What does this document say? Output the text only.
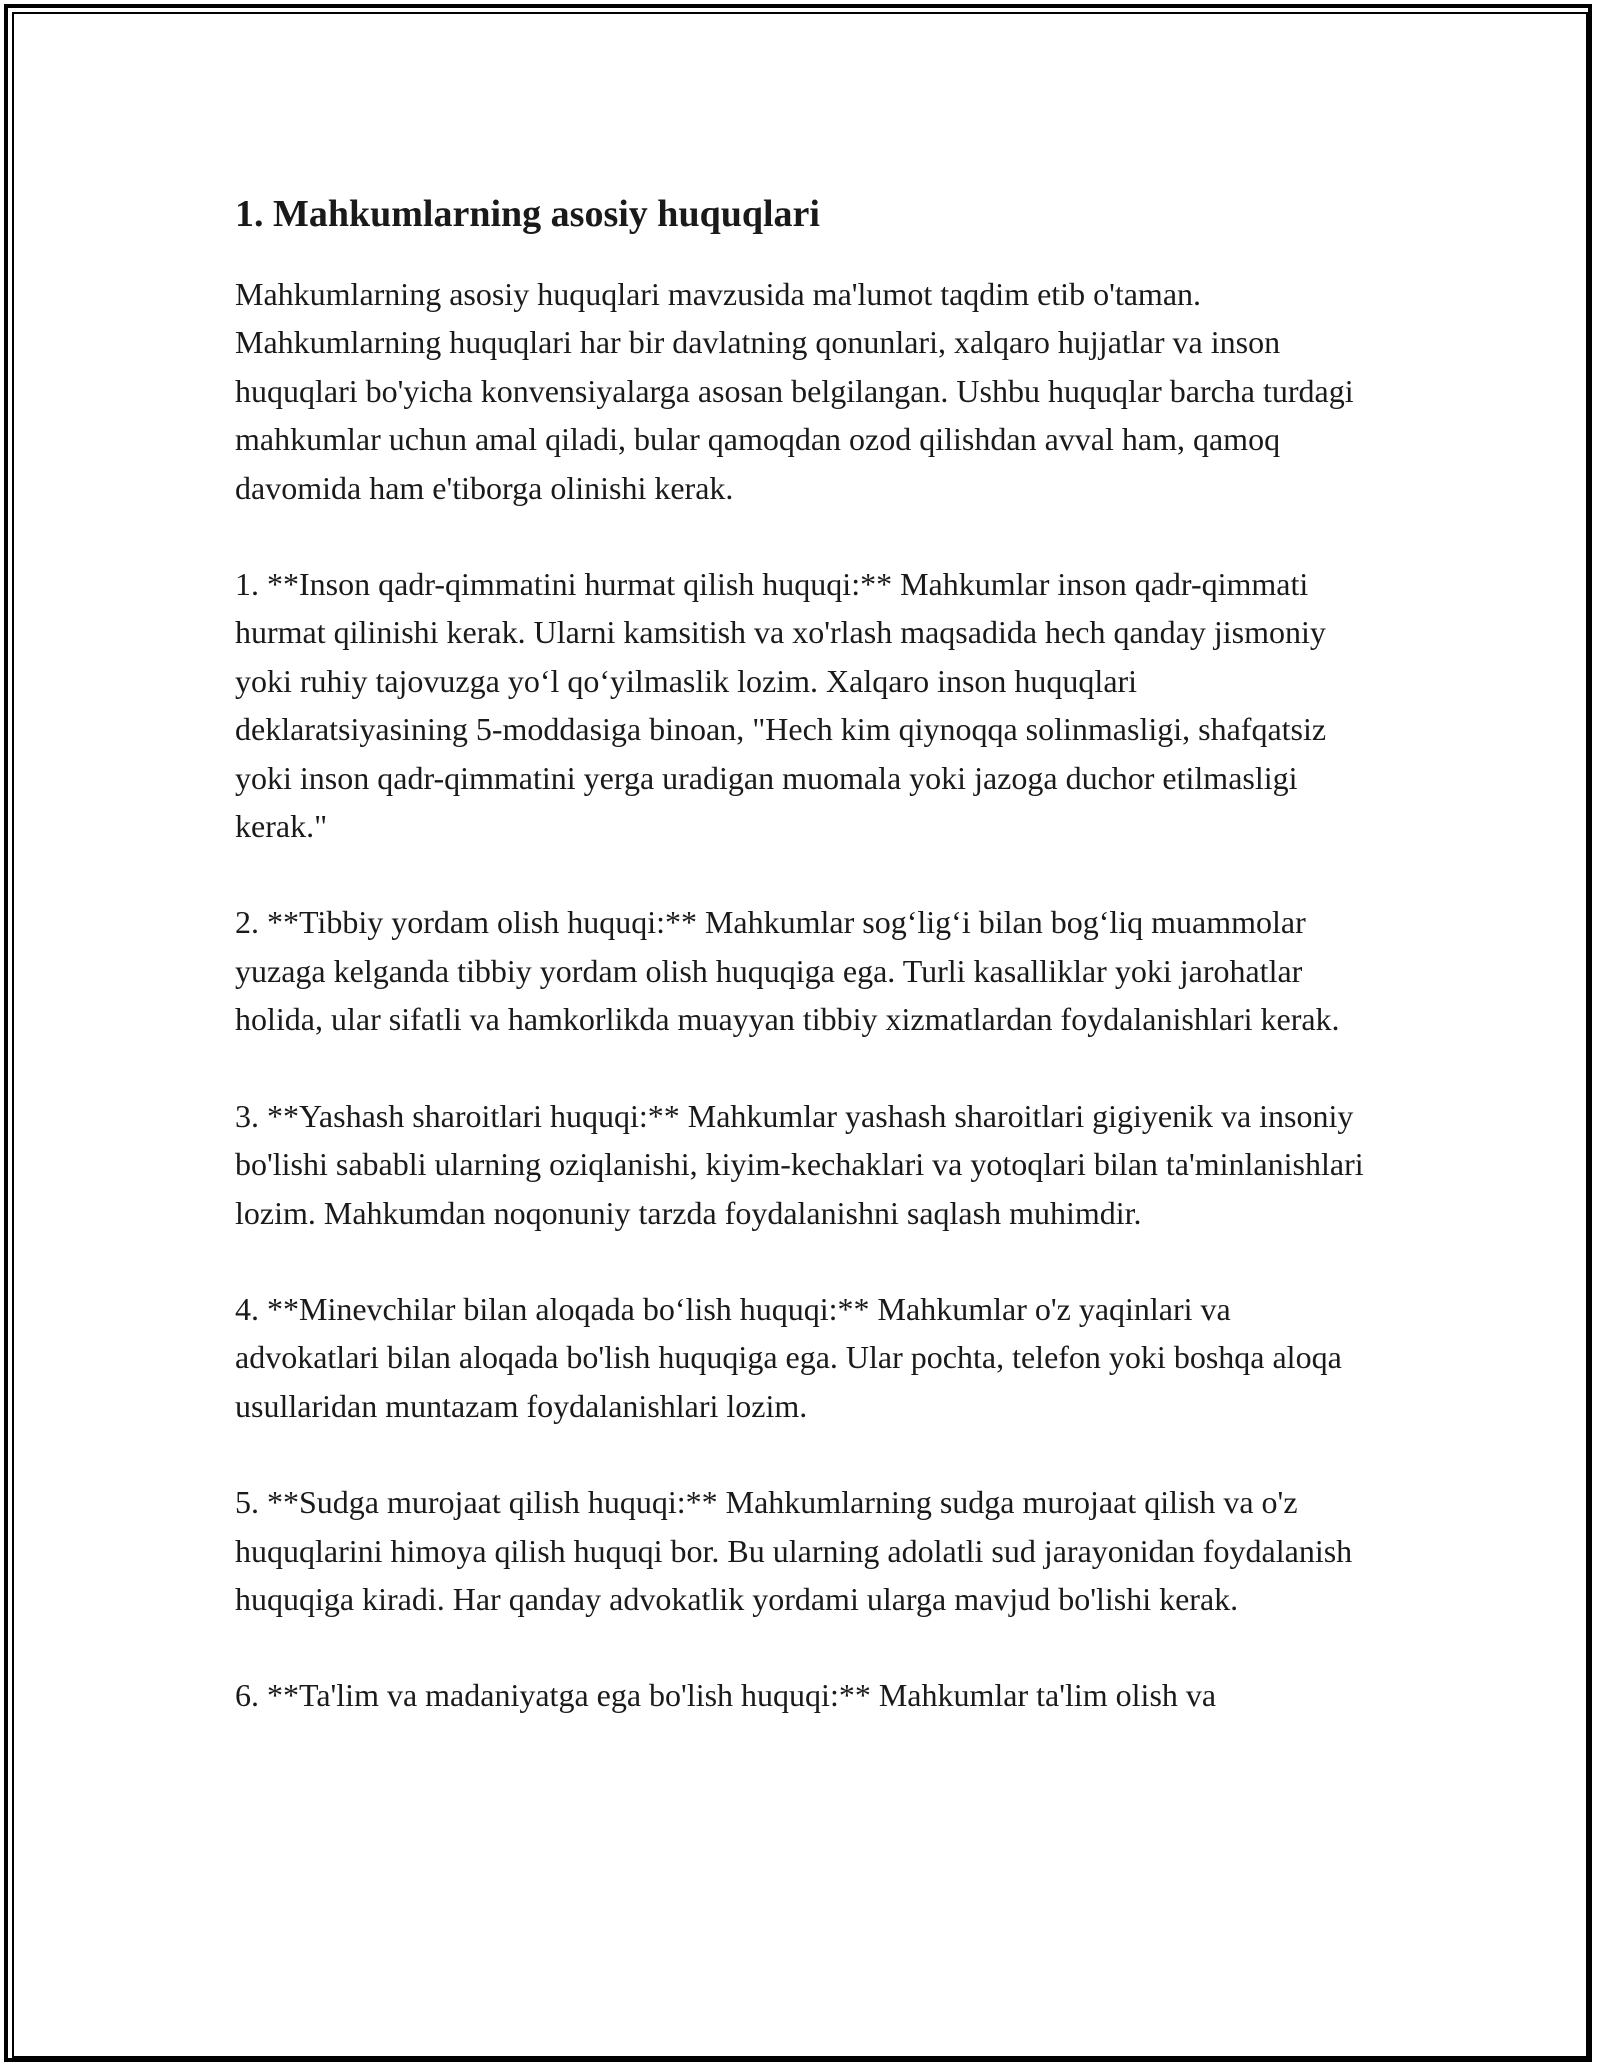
1. Mahkumlarning asosiy huquqlari

Mahkumlarning asosiy huquqlari mavzusida ma'lumot taqdim etib o'taman. Mahkumlarning huquqlari har bir davlatning qonunlari, xalqaro hujjatlar va inson huquqlari bo'yicha konvensiyalarga asosan belgilangan. Ushbu huquqlar barcha turdagi mahkumlar uchun amal qiladi, bular qamoqdan ozod qilishdan avval ham, qamoq davomida ham e'tiborga olinishi kerak.

1. **Inson qadr-qimmatini hurmat qilish huquqi:** Mahkumlar inson qadr-qimmati hurmat qilinishi kerak. Ularni kamsitish va xo'rlash maqsadida hech qanday jismoniy yoki ruhiy tajovuzga yo‘l qo‘yilmaslik lozim. Xalqaro inson huquqlari deklaratsiyasining 5-moddasiga binoan, "Hech kim qiynoqqa solinmasligi, shafqatsiz yoki inson qadr-qimmatini yerga uradigan muomala yoki jazoga duchor etilmasligi kerak."

2. **Tibbiy yordam olish huquqi:** Mahkumlar sog‘lig‘i bilan bog‘liq muammolar yuzaga kelganda tibbiy yordam olish huquqiga ega. Turli kasalliklar yoki jarohatlar holida, ular sifatli va hamkorlikda muayyan tibbiy xizmatlardan foydalanishlari kerak.

3. **Yashash sharoitlari huquqi:** Mahkumlar yashash sharoitlari gigiyenik va insoniy bo'lishi sababli ularning oziqlanishi, kiyim-kechaklari va yotoqlari bilan ta'minlanishlari lozim. Mahkumdan noqonuniy tarzda foydalanishni saqlash muhimdir.

4. **Minevchilar bilan aloqada bo‘lish huquqi:** Mahkumlar o'z yaqinlari va advokatlari bilan aloqada bo'lish huquqiga ega. Ular pochta, telefon yoki boshqa aloqa usullaridan muntazam foydalanishlari lozim.

5. **Sudga murojaat qilish huquqi:** Mahkumlarning sudga murojaat qilish va o'z huquqlarini himoya qilish huquqi bor. Bu ularning adolatli sud jarayonidan foydalanish huquqiga kiradi. Har qanday advokatlik yordami ularga mavjud bo'lishi kerak.

6. **Ta'lim va madaniyatga ega bo'lish huquqi:** Mahkumlar ta'lim olish va
